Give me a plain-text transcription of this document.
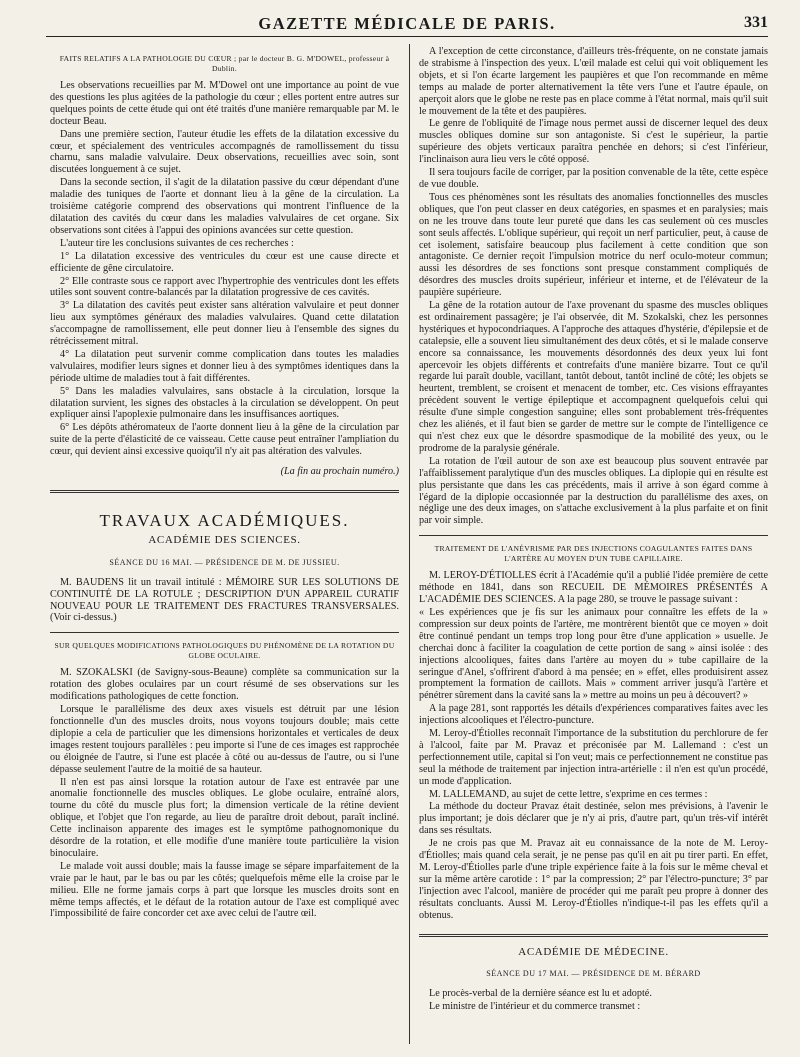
GAZETTE MÉDICALE DE PARIS.	331

FAITS RELATIFS A LA PATHOLOGIE DU CŒUR ; par le docteur B. G. M'DOWEL, professeur à Dublin.

Les observations recueillies par M. M'Dowel ont une importance au point de vue des questions les plus agitées de la pathologie du cœur ; elles portent entre autres sur quelques points de cette étude qui ont été traités d'une manière remarquable par M. le docteur Beau.

Dans une première section, l'auteur étudie les effets de la dilatation excessive du cœur, et spécialement des ventricules accompagnés de ramollissement du tissu charnu, sans maladie valvulaire. Deux observations, recueillies avec soin, sont discutées longuement à ce sujet.

Dans la seconde section, il s'agit de la dilatation passive du cœur dépendant d'une maladie des tuniques de l'aorte et donnant lieu à la gêne de la circulation. La troisième catégorie comprend des observations qui montrent l'influence de la dilatation des cavités du cœur dans les maladies valvulaires de cet organe. Six observations sont citées à l'appui des opinions avancées sur cette question.

L'auteur tire les conclusions suivantes de ces recherches :

1° La dilatation excessive des ventricules du cœur est une cause directe et efficiente de gêne circulatoire.

2° Elle contraste sous ce rapport avec l'hypertrophie des ventricules dont les effets utiles sont souvent contre-balancés par la dilatation progressive de ces cavités.

3° La dilatation des cavités peut exister sans altération valvulaire et peut donner lieu aux symptômes généraux des maladies valvulaires. Quand cette dilatation s'accompagne de ramollissement, elle peut donner lieu à l'ensemble des signes du rétrécissement mitral.

4° La dilatation peut survenir comme complication dans toutes les maladies valvulaires, modifier leurs signes et donner lieu à des symptômes identiques dans la période ultime de maladies tout à fait différentes.

5° Dans les maladies valvulaires, sans obstacle à la circulation, lorsque la dilatation survient, les signes des obstacles à la circulation se développent. On peut expliquer ainsi l'apoplexie pulmonaire dans les insuffisances aortiques.

6° Les dépôts athéromateux de l'aorte donnent lieu à la gêne de la circulation par suite de la perte d'élasticité de ce vaisseau. Cette cause peut entraîner l'ampliation du cœur, qui devient ainsi excessive quoiqu'il n'y ait pas altération des valvules.

(La fin au prochain numéro.)

TRAVAUX ACADÉMIQUES.

ACADÉMIE DES SCIENCES.

SÉANCE DU 16 MAI. — PRÉSIDENCE DE M. DE JUSSIEU.

M. BAUDENS lit un travail intitulé : MÉMOIRE SUR LES SOLUTIONS DE CONTINUITÉ DE LA ROTULE ; DESCRIPTION D'UN APPAREIL CURATIF NOUVEAU POUR LE TRAITEMENT DES FRACTURES TRANSVERSALES. (Voir ci-dessus.)

SUR QUELQUES MODIFICATIONS PATHOLOGIQUES DU PHÉNOMÈNE DE LA ROTATION DU GLOBE OCULAIRE.

M. SZOKALSKI (de Savigny-sous-Beaune) complète sa communication sur la rotation des globes oculaires par un court résumé de ses observations sur les modifications pathologiques de cette fonction.

Lorsque le parallélisme des deux axes visuels est détruit par une lésion fonctionnelle d'un des muscles droits, nous voyons toujours double; mais cette diplopie a cela de particulier que les dimensions horizontales et verticales de deux images restent toujours parallèles : peu importe si l'une de ces images est rapprochée ou éloignée de l'autre, si l'une est placée à côté ou au-dessus de l'autre, ou si l'une dépasse seulement l'autre de la moitié de sa hauteur.

Il n'en est pas ainsi lorsque la rotation autour de l'axe est entravée par une anomalie fonctionnelle des muscles obliques. Le globe oculaire, entraîné alors, tourne du côté du muscle plus fort; la dimension verticale de la rétine devient oblique, et l'objet que l'on regarde, au lieu de paraître droit debout, paraît incliné. Cette inclinaison apparente des images est le symptôme pathognomonique du désordre de la rotation, et elle modifie d'une manière toute particulière la vision binoculaire.

Le malade voit aussi double; mais la fausse image se sépare imparfaitement de la vraie par le haut, par le bas ou par les côtés; quelquefois même elle la croise par le milieu. Elle ne forme jamais corps à part que lorsque les muscles droits sont en même temps affectés, et le défaut de la rotation autour de l'axe est compliqué avec l'impossibilité de faire concorder cet axe avec celui de l'autre œil.

A l'exception de cette circonstance, d'ailleurs très-fréquente, on ne constate jamais de strabisme à l'inspection des yeux. L'œil malade est celui qui voit obliquement les objets, et si l'on écarte largement les paupières et que l'on recommande en même temps au malade de porter alternativement la tête vers l'une et l'autre épaule, on aperçoit alors que le globe ne reste pas en place comme à l'état normal, mais qu'il suit le mouvement de la tête et des paupières.

Le genre de l'obliquité de l'image nous permet aussi de discerner lequel des deux muscles obliques domine sur son antagoniste. Si c'est le supérieur, la partie supérieure des objets verticaux paraîtra penchée en dehors; si c'est l'inférieur, l'inclinaison aura lieu vers le côté opposé.

Il sera toujours facile de corriger, par la position convenable de la tête, cette espèce de vue double.

Tous ces phénomènes sont les résultats des anomalies fonctionnelles des muscles obliques, que l'on peut classer en deux catégories, en spasmes et en paralysies; mais on ne les trouve dans toute leur pureté que dans les cas seulement où ces muscles sont seuls affectés. L'oblique supérieur, qui reçoit un nerf particulier, peut, à cause de cet isolement, satisfaire beaucoup plus facilement à cette condition que son antagoniste. Ce dernier reçoit l'impulsion motrice du nerf oculo-moteur commun; aussi les désordres de ses fonctions sont presque constamment compliqués de désordres des muscles droits supérieur, inférieur et interne, et de l'élévateur de la paupière supérieure.

La gêne de la rotation autour de l'axe provenant du spasme des muscles obliques est ordinairement passagère; je l'ai observée, dit M. Szokalski, chez les personnes hystériques et hypocondriaques. A l'approche des attaques d'hystérie, d'épilepsie et de catalepsie, elle a souvent lieu simultanément des deux côtés, et si le malade conserve encore sa connaissance, les mouvements désordonnés des deux yeux lui font apercevoir les objets différents et contrefaits d'une manière bizarre. Tout ce qu'il regarde lui paraît double, vacillant, tantôt debout, tantôt incliné de côté; les objets se heurtent, tremblent, se croisent et menacent de tomber, etc. Ces visions effrayantes précèdent souvent le vertige épileptique et accompagnent quelquefois celui qui résulte d'une simple congestion sanguine; elles sont probablement très-fréquentes chez les aliénés, et il faut bien se garder de mettre sur le compte de l'intelligence ce qui n'est chez eux que le désordre spasmodique de la mobilité des yeux, ou le prodrome de la paralysie générale.

La rotation de l'œil autour de son axe est beaucoup plus souvent entravée par l'affaiblissement paralytique d'un des muscles obliques. La diplopie qui en résulte est plus persistante que dans les cas précédents, mais il arrive à son égard comme à l'égard de la diplopie occasionnée par la destruction du parallélisme des axes, on néglige une des deux images, on s'attache exclusivement à la plus parfaite et on finit par voir simple.

TRAITEMENT DE L'ANÉVRISME PAR DES INJECTIONS COAGULANTES FAITES DANS L'ARTÈRE AU MOYEN D'UN TUBE CAPILLAIRE.

M. LEROY-D'ÉTIOLLES écrit à l'Académie qu'il a publié l'idée première de cette méthode en 1841, dans son RECUEIL DE MÉMOIRES PRÉSENTÉS A L'ACADÉMIE DES SCIENCES. A la page 280, se trouve le passage suivant :

« Les expériences que je fis sur les animaux pour connaître les effets de la » compression sur deux points de l'artère, me montrèrent bientôt que ce moyen » doit être continué pendant un temps trop long pour être d'une application » usuelle. Je cherchai donc à faciliter la coagulation de cette portion de sang » ainsi isolée : des injections alcooliques, faites dans l'artère au moyen du » tube capillaire de la seringue d'Anel, s'offrirent d'abord à ma pensée; en » effet, elles produisirent assez promptement la formation de caillots. Mais » comment arriver jusqu'à l'artère et pénétrer sûrement dans la cavité sans la » mettre au moins un peu à découvert? »

A la page 281, sont rapportés les détails d'expériences comparatives faites avec les injections alcooliques et l'électro-puncture.

M. Leroy-d'Étiolles reconnaît l'importance de la substitution du perchlorure de fer à l'alcool, faite par M. Pravaz et préconisée par M. Lallemand : c'est un perfectionnement utile, capital si l'on veut; mais ce perfectionnement ne constitue pas seul la méthode de traitement par injection intra-artérielle : il n'en est qu'un procédé, un mode d'application.

M. LALLEMAND, au sujet de cette lettre, s'exprime en ces termes :

La méthode du docteur Pravaz était destinée, selon mes prévisions, à l'avenir le plus important; je dois déclarer que je n'y ai pris, d'autre part, qu'un très-vif intérêt dans ses résultats.

Je ne crois pas que M. Pravaz ait eu connaissance de la note de M. Leroy-d'Étiolles; mais quand cela serait, je ne pense pas qu'il en ait pu tirer parti. En effet, M. Leroy-d'Étiolles parle d'une triple expérience faite à la fois sur le même cheval et sur la même artère carotide : 1° par la compression; 2° par l'électro-puncture; 3° par l'injection avec l'alcool, manière de procéder qui me paraît peu propre à donner des résultats concluants. Aussi M. Leroy-d'Étiolles n'indique-t-il pas les effets qu'il a obtenus.

ACADÉMIE DE MÉDECINE.

SÉANCE DU 17 MAI. — PRÉSIDENCE DE M. BÉRARD

Le procès-verbal de la dernière séance est lu et adopté.

Le ministre de l'intérieur et du commerce transmet :
